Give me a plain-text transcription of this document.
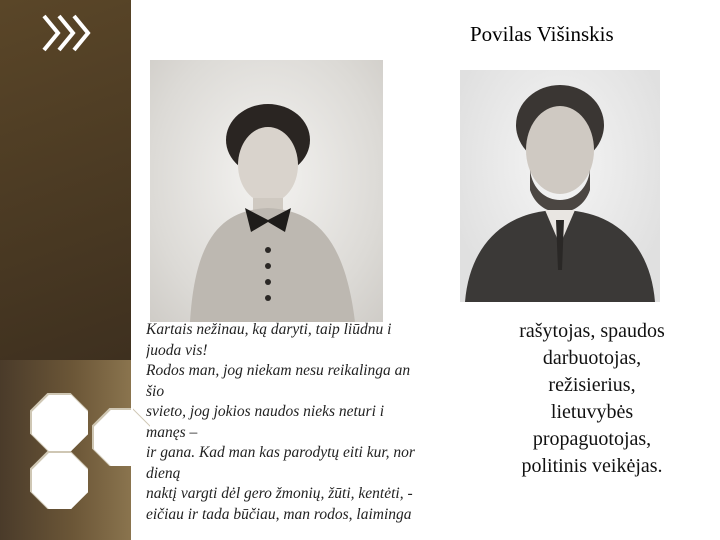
Povilas Višinskis
Kartais nežinau, ką daryti, taip liūdnu i
juoda vis!
Rodos man, jog niekam nesu reikalinga an
šio
svieto, jog jokios naudos nieks neturi i
manęs –
ir gana. Kad man kas parodytų eiti kur, nor
dieną
naktį vargti dėl gero žmonių, žūti, kentėti, -
eičiau ir tada būčiau, man rodos, laiminga
rašytojas, spaudos
darbuotojas,
režisierius,
lietuvybės
propaguotojas,
politinis veikėjas.
